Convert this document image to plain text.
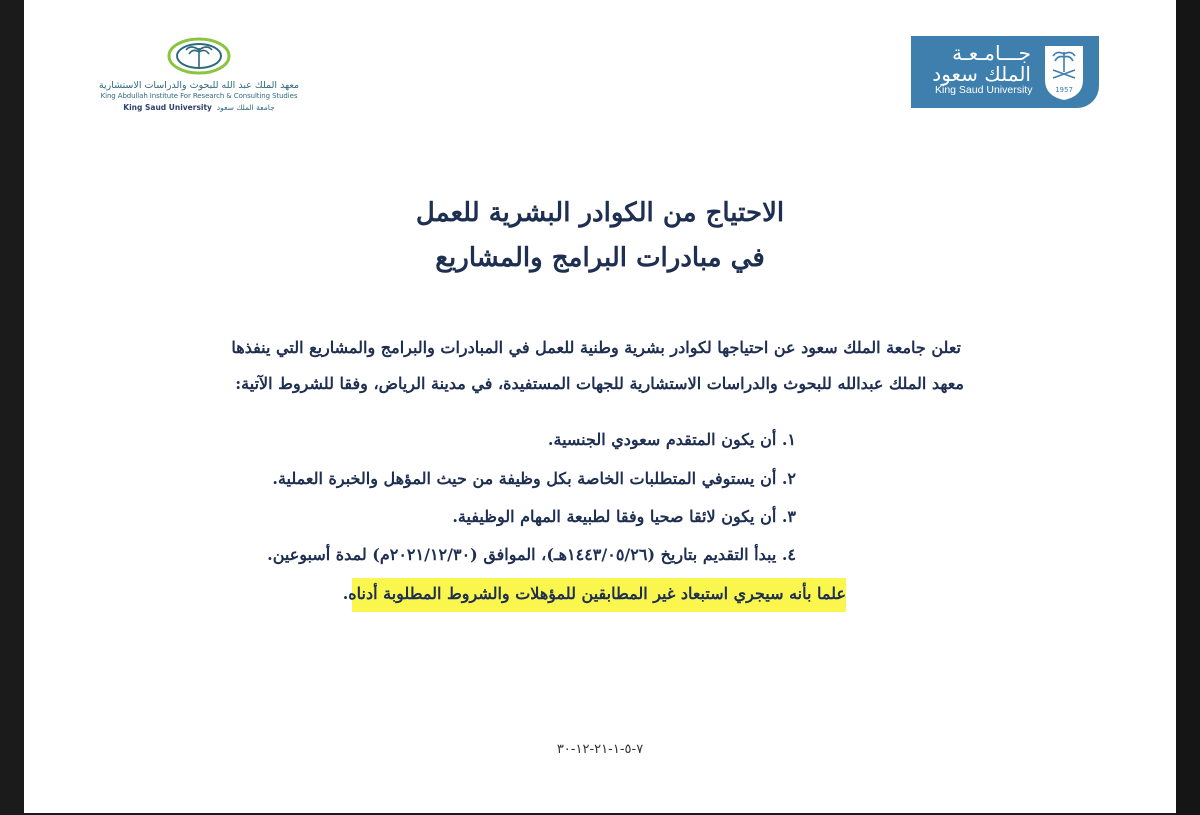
معهد الملك عبد الله للبحوث والدراسات الاستشارية
King Abdullah Institute For Research & Consulting Studies
King Saud University جامعة الملك سعود
جـــامـعـة
الملك سعود
King Saud University	1957
الاحتياج من الكوادر البشرية للعمل
في مبادرات البرامج والمشاريع
تعلن جامعة الملك سعود عن احتياجها لكوادر بشرية وطنية للعمل في المبادرات والبرامج والمشاريع التي ينفذها
معهد الملك عبدالله للبحوث والدراسات الاستشارية للجهات المستفيدة، في مدينة الرياض، وفقا للشروط الآتية:
١. أن يكون المتقدم سعودي الجنسية.
٢. أن يستوفي المتطلبات الخاصة بكل وظيفة من حيث المؤهل والخبرة العملية.
٣. أن يكون لائقا صحيا وفقا لطبيعة المهام الوظيفية.
٤. يبدأ التقديم بتاريخ (١٤٤٣/٠٥/٢٦هـ)، الموافق (٢٠٢١/١٢/٣٠م) لمدة أسبوعين.
علما بأنه سيجري استبعاد غير المطابقين للمؤهلات والشروط المطلوبة أدناه.
٧-٥-١-٢١-١٢-٣٠
